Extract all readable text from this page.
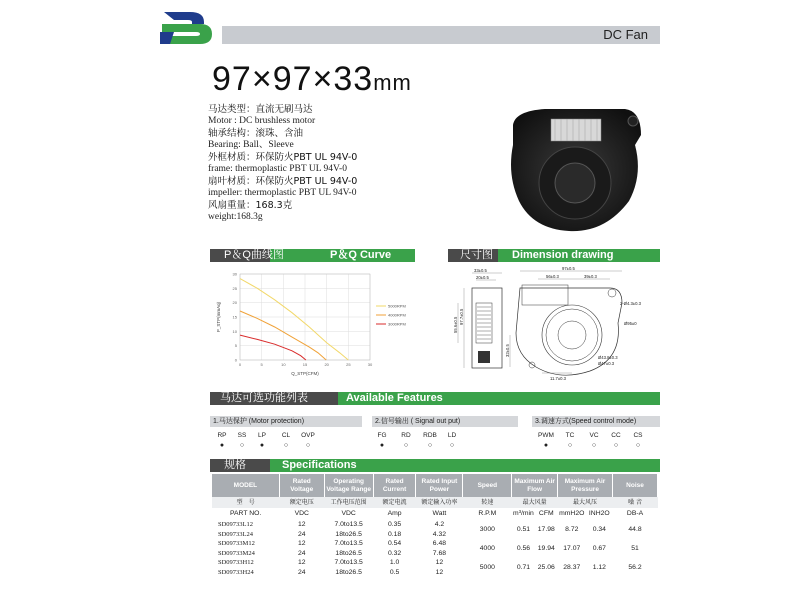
DC Fan
97×97×33mm
马达类型：直流无刷马达
Motor : DC brushless motor
轴承结构：滚珠、含油
Bearing: Ball、Sleeve
外框材质：环保防火PBT UL 94V-0
frame: thermoplastic PBT UL 94V-0
扇叶材质：环保防火PBT UL 94V-0
impeller: thermoplastic PBT UL 94V-0
风扇重量：168.3克
weight:168.3g
P＆Q曲线图	P＆Q Curve	尺寸图 Dimension drawing
0	5	10	15	20	25	30
0
5
10
15
20
25
30
5000RPM
4000RPM
3000RPM
Q_STP(CFM)
P_STP(mmAq)
33±0.5
20±0.5
97±0.5
56±0.3	39±0.3
2-Ø4.3±0.3
97.7±0.5
55.6±0.5
32±0.5
Ø95±0
Ø43.8±0.3
Ø47±0.3
11.7±0.3
马达可选功能列表	Available Features
1.马达保护 (Motor protection)	2.信号输出 ( Signal out put)	3.调速方式(Speed control mode)
RP	SS	LP	CL	OVP
●	○	●	○	○
FG	RD	RDB	LD
●	○	○	○
PWM	TC	VC	CC	CS
●	○	○	○	○
规格	Specifications
MODEL	Rated Voltage	Operating Voltage Range	Rated Current	Rated Input Power	Speed	Maximum Air Flow		Maximum Air Pressure		Noise
型　号	额定电压	工作电压范围	额定电流	额定输入功率	转速	最大风量		最大风压		噪 音
PART NO.	VDC	VDC	Amp	Watt	R.P.M	m³/min	CFM	mmH2O	INH2O	DB-A
SD09733L12	12	7.0to13.5	0.35	4.2	3000	0.51	17.98	8.72	0.34	44.8
SD09733L24	24	18to26.5	0.18	4.32						
SD09733M12	12	7.0to13.5	0.54	6.48	4000	0.56	19.94	17.07	0.67	51
SD09733M24	24	18to26.5	0.32	7.68						
SD09733H12	12	7.0to13.5	1.0	12	5000	0.71	25.06	28.37	1.12	56.2
SD09733H24	24	18to26.5	0.5	12						
